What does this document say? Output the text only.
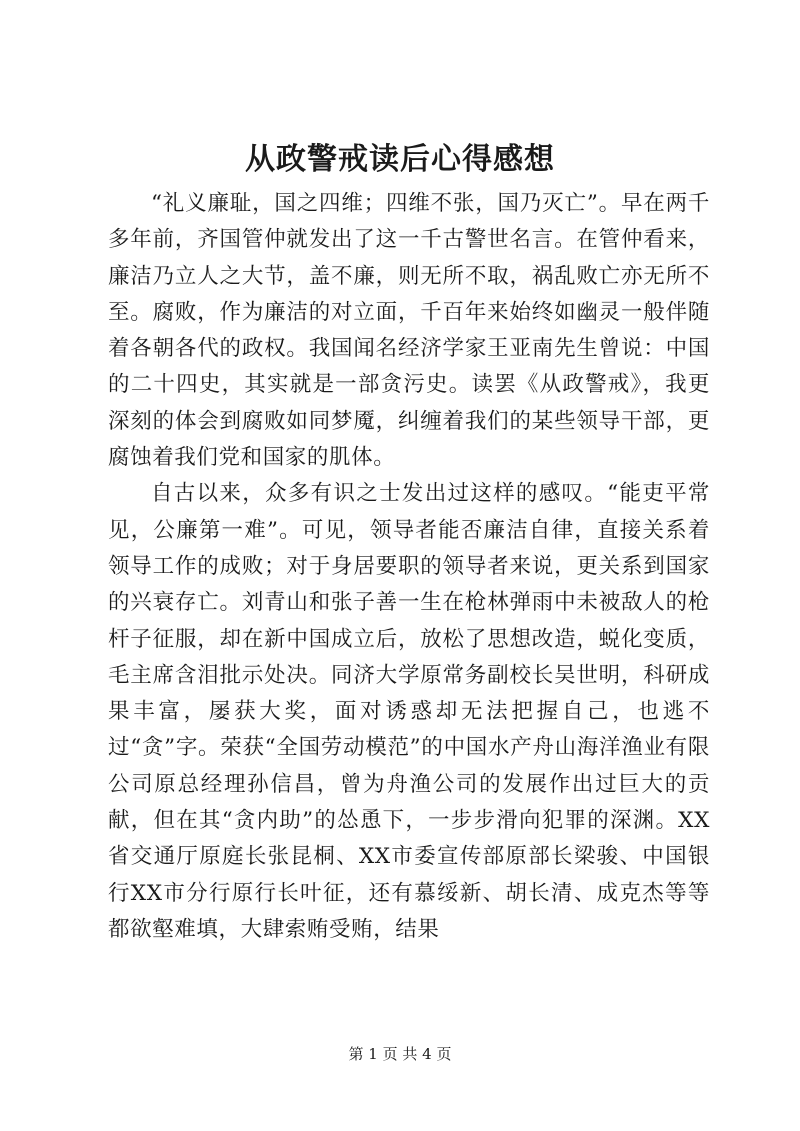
从政警戒读后心得感想

“礼义廉耻，国之四维；四维不张，国乃灭亡”。早在两千多年前，齐国管仲就发出了这一千古警世名言。在管仲看来，廉洁乃立人之大节，盖不廉，则无所不取，祸乱败亡亦无所不至。腐败，作为廉洁的对立面，千百年来始终如幽灵一般伴随着各朝各代的政权。我国闻名经济学家王亚南先生曾说：中国的二十四史，其实就是一部贪污史。读罢《从政警戒》，我更深刻的体会到腐败如同梦魇，纠缠着我们的某些领导干部，更腐蚀着我们党和国家的肌体。

自古以来，众多有识之士发出过这样的感叹。“能吏平常见，公廉第一难”。可见，领导者能否廉洁自律，直接关系着领导工作的成败；对于身居要职的领导者来说，更关系到国家的兴衰存亡。刘青山和张子善一生在枪林弹雨中未被敌人的枪杆子征服，却在新中国成立后，放松了思想改造，蜕化变质，毛主席含泪批示处决。同济大学原常务副校长吴世明，科研成果丰富，屡获大奖，面对诱惑却无法把握自己，也逃不过“贪”字。荣获“全国劳动模范”的中国水产舟山海洋渔业有限公司原总经理孙信昌，曾为舟渔公司的发展作出过巨大的贡献，但在其“贪内助”的怂恿下，一步步滑向犯罪的深渊。XX省交通厅原庭长张昆桐、XX市委宣传部原部长梁骏、中国银行XX市分行原行长叶征，还有慕绥新、胡长清、成克杰等等都欲壑难填，大肆索贿受贿，结果

第 1 页 共 4 页
